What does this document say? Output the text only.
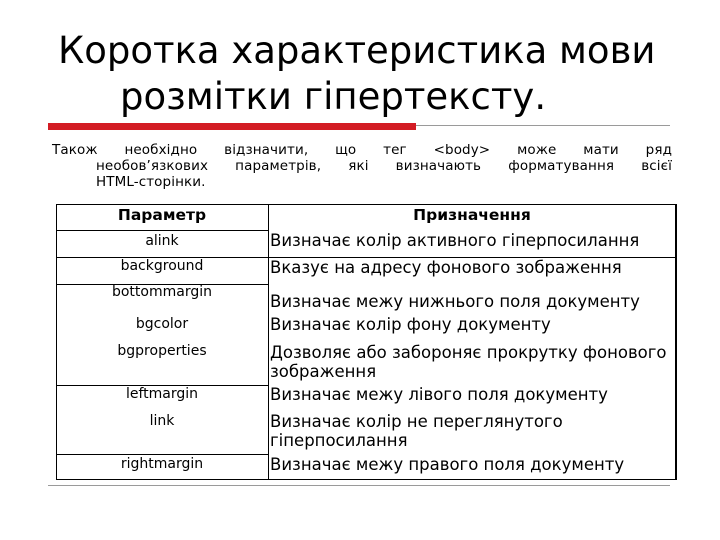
Коротка характеристика мови
розмітки гіпертексту.
Також необхідно відзначити, що тег <body> може мати ряд
необов’язкових параметрів, які визначають форматування всієї
HTML-сторінки.
Параметр	Призначення
alink
background
bottommargin
bgcolor
bgproperties
leftmargin
link
rightmargin
Визначає колір активного гіперпосилання
Вказує на адресу фонового зображення
Визначає межу нижнього поля документу
Визначає колір фону документу
Дозволяє або забороняє прокрутку фонового зображення
Визначає межу лівого поля документу
Визначає колір не переглянутого гіперпосилання
Визначає межу правого поля документу
